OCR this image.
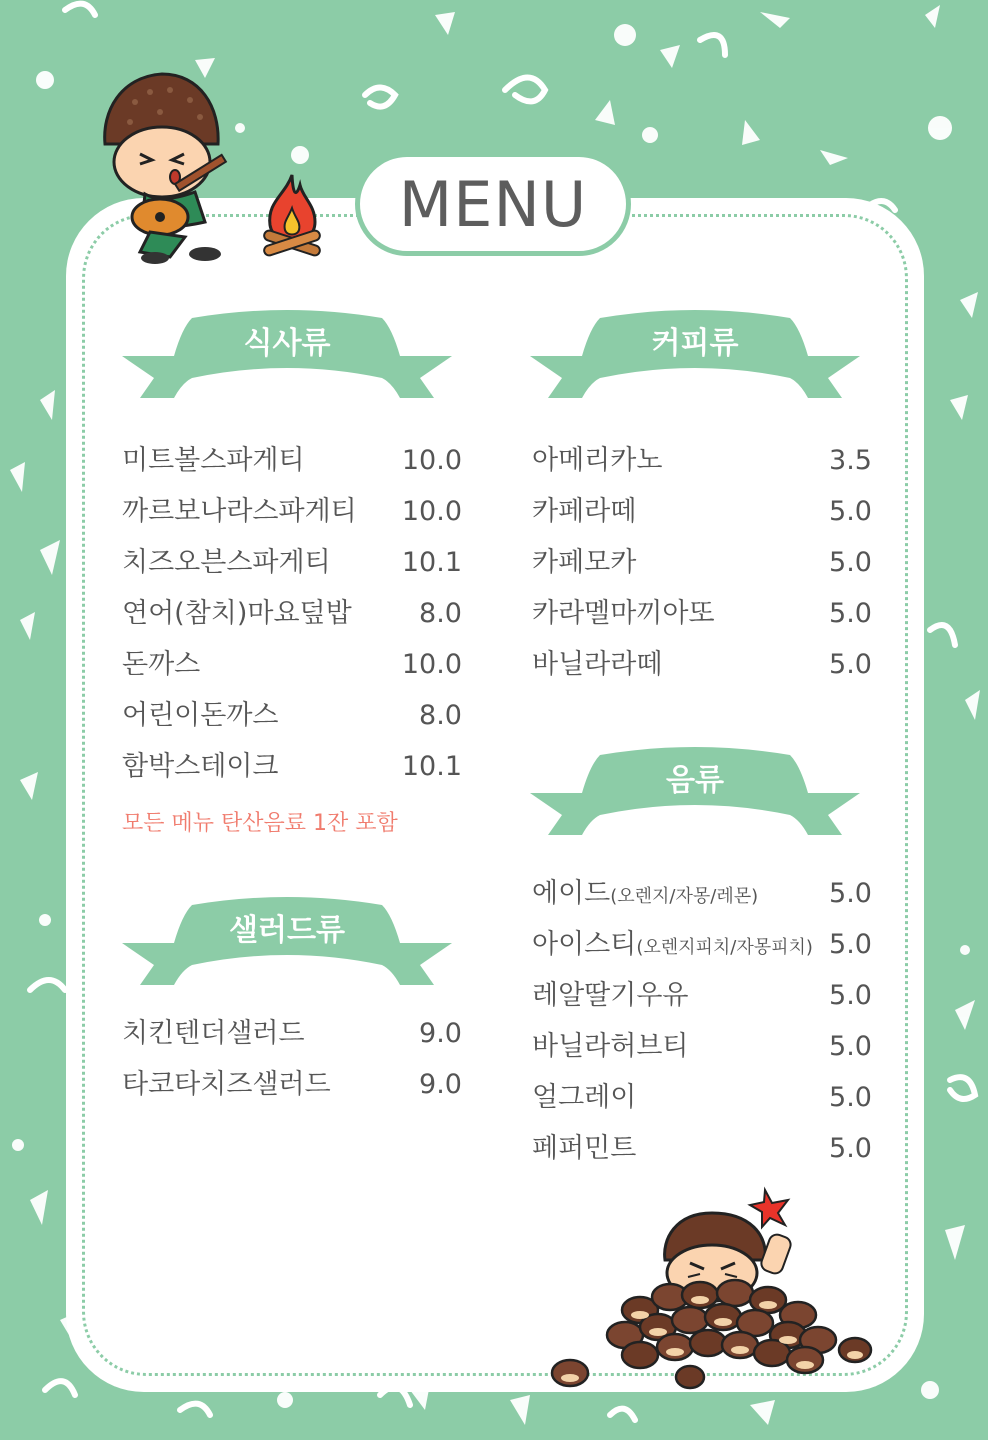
MENU
식사류	커피류
샐러드류
음류
미트볼스파게티	10.0
까르보나라스파게티 10.0
치즈오븐스파게티	10.1
연어(참치)마요덮밥 8.0
돈까스	10.0
어린이돈까스	8.0
함박스테이크	10.1
모든 메뉴 탄산음료 1잔 포함
치킨텐더샐러드	9.0
타코타치즈샐러드	9.0
아메리카노	3.5
카페라떼	5.0
카페모카	5.0
카라멜마끼아또	5.0
바닐라라떼	5.0
에이드(오렌지/자몽/레몬)	5.0
아이스티(오렌지피치/자몽피치) 5.0
레알딸기우유	5.0
바닐라허브티	5.0
얼그레이	5.0
페퍼민트	5.0
